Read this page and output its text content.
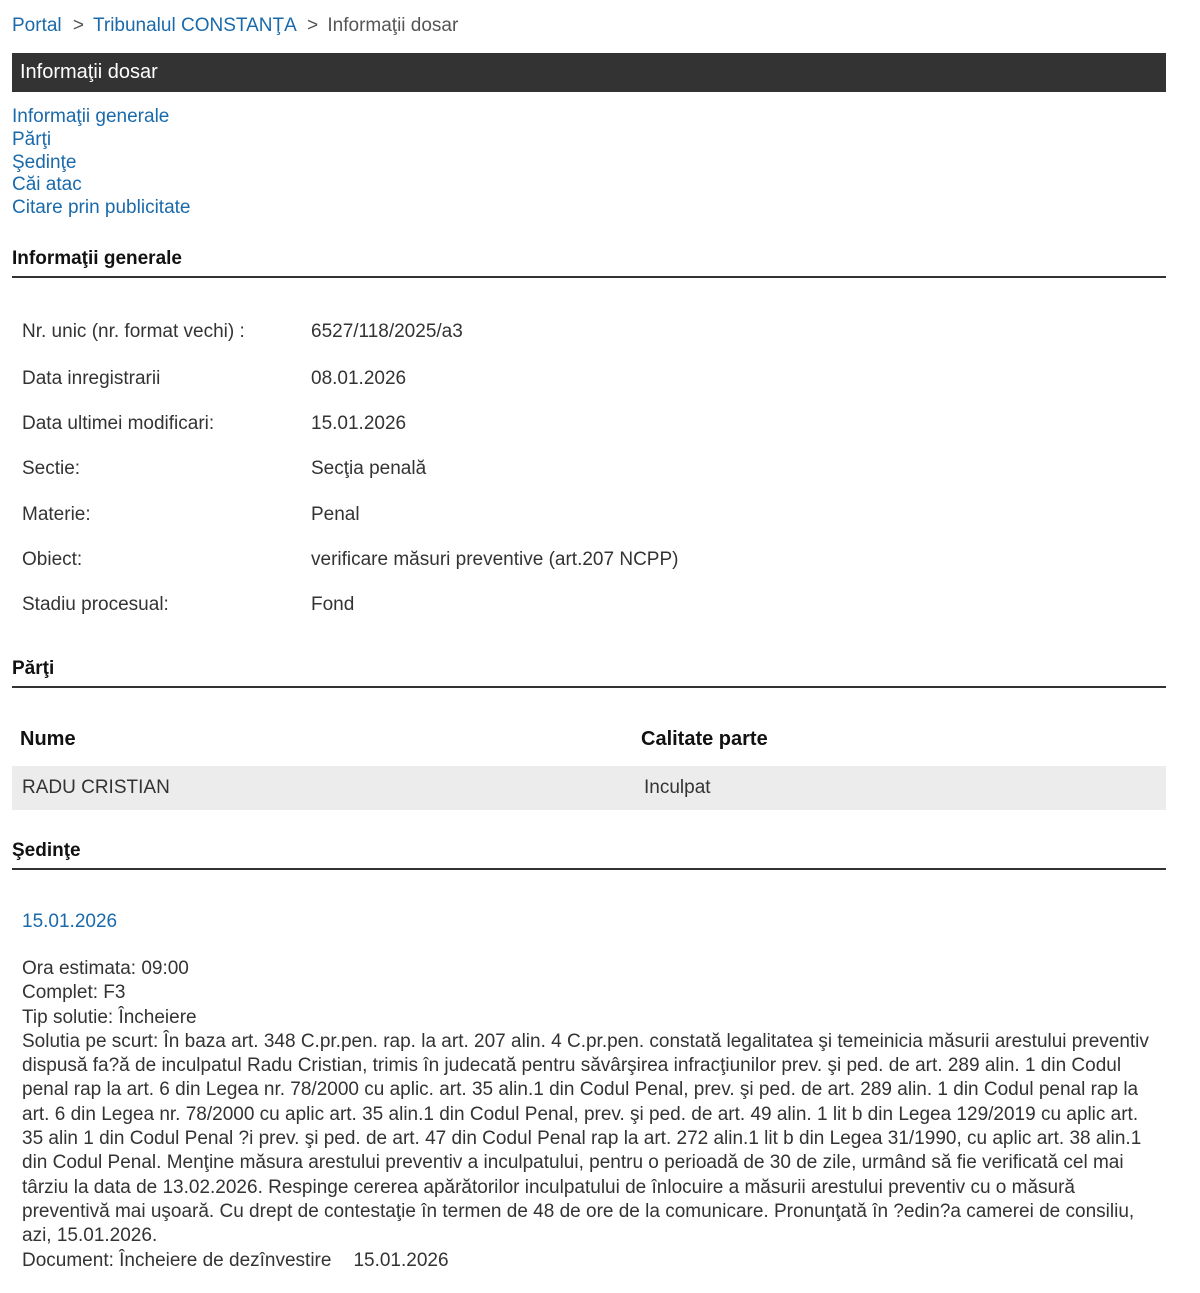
Portal > Tribunalul CONSTANŢA > Informaţii dosar
Informaţii dosar
Informaţii generale
Părţi
Şedinţe
Căi atac
Citare prin publicitate
Informaţii generale
Nr. unic (nr. format vechi) :	6527/118/2025/a3
Data inregistrarii	08.01.2026
Data ultimei modificari:	15.01.2026
Sectie:	Secţia penală
Materie:	Penal
Obiect:	verificare măsuri preventive (art.207 NCPP)
Stadiu procesual:	Fond
Părţi
Nume	Calitate parte
RADU CRISTIAN	Inculpat
Şedinţe
15.01.2026
Ora estimata: 09:00
Complet: F3
Tip solutie: Încheiere
Solutia pe scurt: În baza art. 348 C.pr.pen. rap. la art. 207 alin. 4 C.pr.pen. constată legalitatea şi temeinicia măsurii arestului preventiv dispusă fa?ă de inculpatul Radu Cristian, trimis în judecată pentru săvârşirea infracţiunilor prev. şi ped. de art. 289 alin. 1 din Codul penal rap la art. 6 din Legea nr. 78/2000 cu aplic. art. 35 alin.1 din Codul Penal, prev. şi ped. de art. 289 alin. 1 din Codul penal rap la art. 6 din Legea nr. 78/2000 cu aplic art. 35 alin.1 din Codul Penal, prev. şi ped. de art. 49 alin. 1 lit b din Legea 129/2019 cu aplic art. 35 alin 1 din Codul Penal ?i prev. şi ped. de art. 47 din Codul Penal rap la art. 272 alin.1 lit b din Legea 31/1990, cu aplic art. 38 alin.1 din Codul Penal. Menţine măsura arestului preventiv a inculpatului, pentru o perioadă de 30 de zile, urmând să fie verificată cel mai târziu la data de 13.02.2026. Respinge cererea apărătorilor inculpatului de înlocuire a măsurii arestului preventiv cu o măsură preventivă mai uşoară. Cu drept de contestaţie în termen de 48 de ore de la comunicare. Pronunţată în ?edin?a camerei de consiliu, azi, 15.01.2026.
Document: Încheiere de dezînvestire 15.01.2026
